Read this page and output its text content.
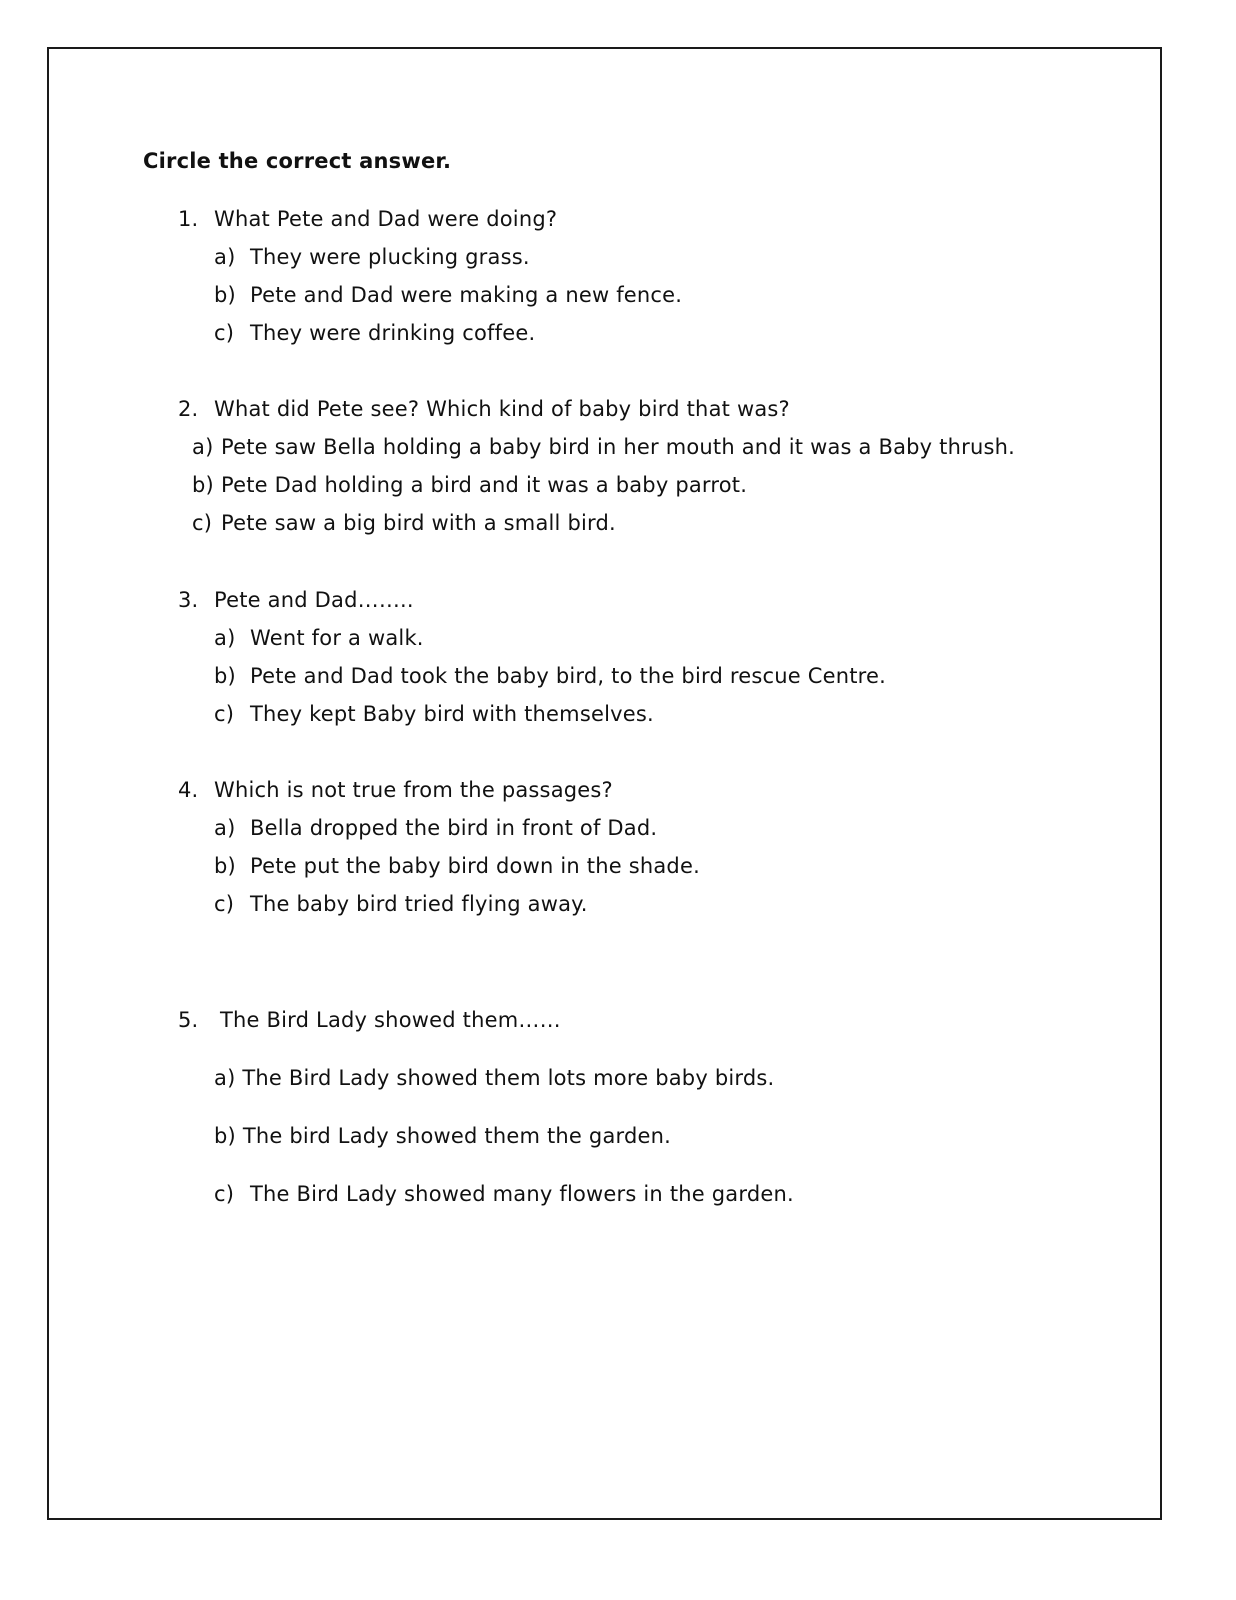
Circle the correct answer.
1. What Pete and Dad were doing?
a) They were plucking grass.
b) Pete and Dad were making a new fence.
c) They were drinking coffee.
2. What did Pete see? Which kind of baby bird that was?
a) Pete saw Bella holding a baby bird in her mouth and it was a Baby thrush.
b) Pete Dad holding a bird and it was a baby parrot.
c) Pete saw a big bird with a small bird.
3. Pete and Dad……..
a) Went for a walk.
b) Pete and Dad took the baby bird, to the bird rescue Centre.
c) They kept Baby bird with themselves.
4. Which is not true from the passages?
a) Bella dropped the bird in front of Dad.
b) Pete put the baby bird down in the shade.
c) The baby bird tried flying away.
5. The Bird Lady showed them……
a) The Bird Lady showed them lots more baby birds.
b) The bird Lady showed them the garden.
c) The Bird Lady showed many flowers in the garden.
